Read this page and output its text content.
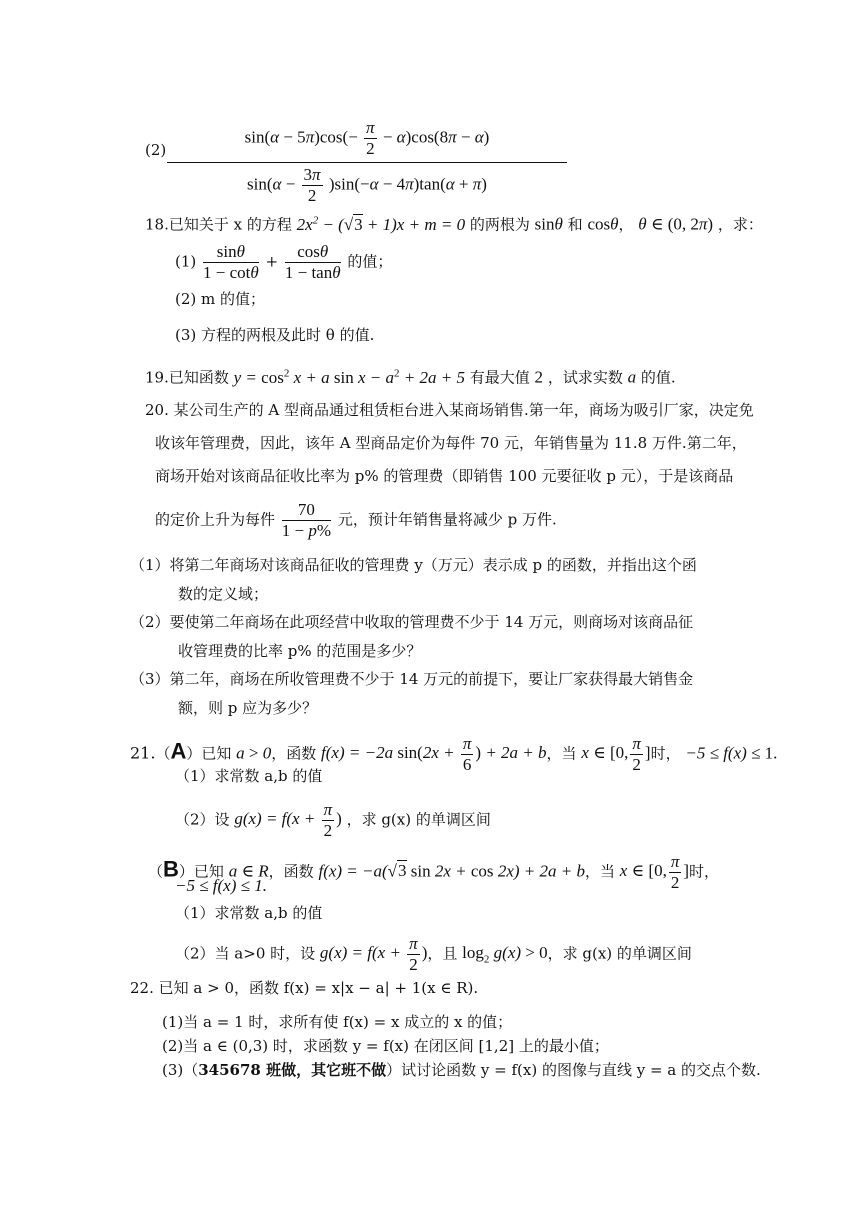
$(2) \frac{\sin(\alpha - 5\pi)\cos(- \frac{\pi}{2} - \alpha)\cos(8\pi - \alpha)}{\sin(\alpha - \frac{3\pi}{2} )\sin(-\alpha - 4\pi)\tan(\alpha + \pi)}$
18.已知关于 x 的方程 $2x^2 - (√3 + 1)x + m = 0$ 的两根为 sinθ 和 cosθ， θ ∈ (0, 2π) ，求：
$(1) \frac{\sin\theta}{1 - \cot\theta} + \frac{\cos\theta}{1 - \tan\theta}$ 的值；
(2) m 的值；
(3) 方程的两根及此时 θ 的值.
19.已知函数 $y = \cos^2 x + a$ $\sin x - a^2 + 2a + 5$ 有最大值 2 ，试求实数 a 的值.
20. 某公司生产的 A 型商品通过租赁柜台进入某商场销售.第一年，商场为吸引厂家，决定免
收该年管理费，因此，该年 A 型商品定价为每件 70 元，年销售量为 11.8 万件.第二年，
商场开始对该商品征收比率为 p% 的管理费（即销售 100 元要征收 p 元），于是该商品
的定价上升为每件 $\frac{70}{1 - p\%}$ 元，预计年销售量将减少 p 万件.
（1）将第二年商场对该商品征收的管理费 y（万元）表示成 p 的函数，并指出这个函
数的定义域；
（2）要使第二年商场在此项经营中收取的管理费不少于 14 万元，则商场对该商品征
收管理费的比率 p% 的范围是多少？
（3）第二年，商场在所收管理费不少于 14 万元的前提下，要让厂家获得最大销售金
额，则 p 应为多少？
21.（A）已知 a > 0，函数 f(x) = −2a $\sin(2x + \frac{\pi}{6}$ ) + 2a + b，当 x ∈ [0, $\frac{\pi}{2}$ ]时， −5 ≤ f(x) ≤ 1.
（1）求常数 a,b 的值
（2）设 $g(x) = f(x + \frac{\pi}{2}$ ) ，求 g(x) 的单调区间
（B）已知 a ∈ R，函数 f(x) = −a(√3 sin 2x + cos 2x) + 2a + b，当 x ∈ [0, $\frac{\pi}{2}$ ]时，
−5 ≤ f(x) ≤ 1.
（1）求常数 a,b 的值
（2）当 a>0 时，设 $g(x) = f(x + \frac{\pi}{2}$ )，且 $\log_2 g(x) > 0$，求 g(x) 的单调区间
22. 已知 a > 0，函数 f(x) = x|x − a| + 1(x ∈ R).
(1)当 a = 1 时，求所有使 f(x) = x 成立的 x 的值；
(2)当 a ∈ (0,3) 时，求函数 y = f(x) 在闭区间 [1,2] 上的最小值；
(3)（345678 班做，其它班不做）试讨论函数 y = f(x) 的图像与直线 y = a 的交点个数.
